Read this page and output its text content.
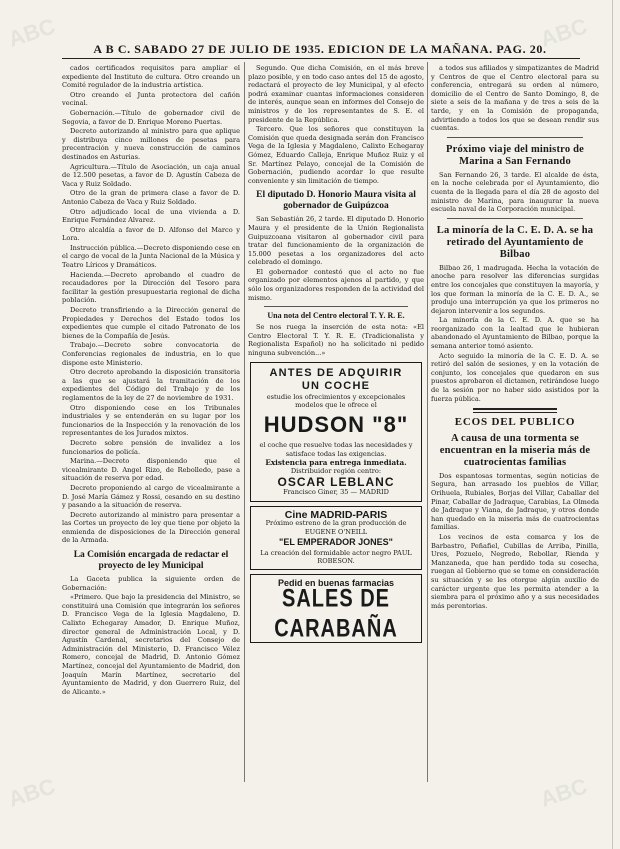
A B C. SABADO 27 DE JULIO DE 1935. EDICION DE LA MAÑANA. PAG. 20.

cados certificados requisitos para ampliar el expediente del Instituto de cultura. Otro creando un Comité regulador de la industria artística.

Otro creando el Junta protectora del cañón vecinal.

Gobernación.—Título de gobernador civil de Segovia, a favor de D. Enrique Moreno Puertas.

Decreto autorizando al ministro para que aplique y distribuya cinco millones de pesetas para precentración y nueva construcción de caminos destinados en Asturias.

Agricultura.—Título de Asociación, un caja anual de 12.500 pesetas, a favor de D. Agustín Cabeza de Vaca y Ruiz Soldado.

Otro de la gran de primera clase a favor de D. Antonio Cabeza de Vaca y Ruiz Soldado.

Otro adjudicado local de una vivienda a D. Enrique Fernández Alvarez.

Otro alcaldía a favor de D. Alfonso del Marco y Lora.

Instrucción pública.—Decreto disponiendo cese en el cargo de vocal de la Junta Nacional de la Música y Teatro Líricos y Dramáticos.

Hacienda.—Decreto aprobando el cuadro de recaudadores por la Dirección del Tesoro para facilitar la gestión presupuestaria regional de dicha población.

Decreto transfiriendo a la Dirección general de Propiedades y Derechos del Estado todos los expedientes que cumple el citado Patronato de los bienes de la Compañía de Jesús.

Trabajo.—Decreto sobre convocatoria de Conferencias regionales de industria, en lo que dispone este Ministerio.

Otro decreto aprobando la disposición transitoria a las que se ajustará la tramitación de los expedientes del Código del Trabajo y de los reglamentos de la ley de 27 de noviembre de 1931.

Otro disponiendo cese en los Tribunales industriales y se entenderán en su lugar por los funcionarios de la Inspección y la renovación de los representantes de los Jurados mixtos.

Decreto sobre pensión de invalidez a los funcionarios de policía.

Marina.—Decreto disponiendo que el vicealmirante D. Angel Rizo, de Rebolledo, pase a situación de reserva por edad.

Decreto proponiendo al cargo de vicealmirante a D. José María Gámez y Rossi, cesando en su destino y pasando a la situación de reserva.

Decreto autorizando al ministro para presentar a las Cortes un proyecto de ley que tiene por objeto la enmienda de disposiciones de la Dirección general de la Armada.

La Comisión encargada de redactar el proyecto de ley Municipal

La Gaceta publica la siguiente orden de Gobernación:

«Primero. Que bajo la presidencia del Ministro, se constituirá una Comisión que integrarán los señores D. Francisco Vega de la Iglesia Magdaleno, D. Calixto Echegaray Amador, D. Enrique Muñoz, director general de Administración Local, y D. Agustín Cardenal, secretarios del Consejo de Administración del Ministerio, D. Francisco Vélez Romero, concejal de Madrid, D. Antonio Gómez Martínez, concejal del Ayuntamiento de Madrid, don Joaquín Marín Martínez, secretario del Ayuntamiento de Madrid, y don Guerrero Ruiz, del de Alicante.»

Segundo. Que dicha Comisión, en el más breve plazo posible, y en todo caso antes del 15 de agosto, redactará el proyecto de ley Municipal, y al efecto podrá examinar cuantas informaciones consideren de interés, aunque sean en informes del Consejo de ministros y de los representantes de S. E. el presidente de la República.

Tercero. Que los señores que constituyen la Comisión que queda designada serán don Francisco Vega de la Iglesia y Magdaleno, Calixto Echegaray Gómez, Eduardo Calleja, Enrique Muñoz Ruiz y el Sr. Martínez Pelayo, concejal de la Comisión de Gobernación, pudiendo acordar lo que resulte conveniente y sin limitación de tiempo.

El diputado D. Honorio Maura visita al gobernador de Guipúzcoa

San Sebastián 26, 2 tarde. El diputado D. Honorio Maura y el presidente de la Unión Regionalista Guipuzcoana visitaron al gobernador civil para tratar del funcionamiento de la organización de 15.000 pesetas a los organizadores del acto celebrado el domingo.

El gobernador contestó que el acto no fue organizado por elementos ajenos al partido, y que sólo los organizadores responden de la actividad del mismo.

Una nota del Centro electoral T. Y. R. E.

Se nos ruega la inserción de esta nota: «El Centro Electoral T. Y. R. E. (Tradicionalista y Regionalista Español) no ha solicitado ni pedido ninguna subvención...»

ANTES DE ADQUIRIR
UN COCHE
estudie los ofrecimientos y excepcionales modelos que le ofrece el
HUDSON "8"
el coche que resuelve todas las necesidades y satisface todas las exigencias.
Existencia para entrega inmediata.
Distribuidor región centro:
OSCAR LEBLANC
Francisco Giner, 35 — MADRID
Cine MADRID-PARIS
Próximo estreno de la gran producción de EUGENE O'NEILL
"EL EMPERADOR JONES"
La creación del formidable actor negro PAUL ROBESON.
Pedid en buenas farmacias
SALES DE CARABAÑA

a todos sus afiliados y simpatizantes de Madrid y Centros de que el Centro electoral para su conferencia, entregará su orden al número, domicilio de el Centro de Santo Domingo, 8, de siete a seis de la mañana y de tres a seis de la tarde, y en la Comisión de propaganda, advirtiendo a todos los que se desean rendir sus cuentas.

Próximo viaje del ministro de Marina a San Fernando

San Fernando 26, 3 tarde. El alcalde de ésta, en la noche celebrada por el Ayuntamiento, dio cuenta de la llegada para el día 28 de agosto del ministro de Marina, para inaugurar la nueva escuela naval de la Corporación municipal.

La minoría de la C. E. D. A. se ha retirado del Ayuntamiento de Bilbao

Bilbao 26, 1 madrugada. Hecha la votación de anoche para resolver las diferencias surgidas entre los concejales que constituyen la mayoría, y los que forman la minoría de la C. E. D. A., se produjo una interrupción ya que los primeros no dejaron intervenir a los segundos.

La minoría de la C. E. D. A. que se ha reorganizado con la lealtad que le hubieran abandonado el Ayuntamiento de Bilbao, porque la semana anterior tomó asiento.

Acto seguido la minoría de la C. E. D. A. se retiró del salón de sesiones, y en la votación de conjunto, los concejales que quedaron en sus puestos aprobaron el dictamen, retirándose luego de la sesión por no haber sido asistidos por la fuerza pública.

ECOS DEL PUBLICO
A causa de una tormenta se encuentran en la miseria más de cuatrocientas familias

Dos espantosas tormentas, según noticias de Segura, han arrasado los pueblos de Villar, Orihuela, Rubiales, Borjas del Villar, Caballar del Pinar, Caballar de Jadraque, Carabias, La Olmeda de Jadraque y Viana, de Jadraque, y otros donde han quedado en la miseria más de cuatrocientas familias.

Los vecinos de esta comarca y los de Barbastro, Peñafiel, Cubillas de Arriba, Pinilla, Ures, Pozuelo, Negredo, Rebollar, Rienda y Manzaneda, que han perdido toda su cosecha, ruegan al Gobierno que se tome en consideración su situación y se les otorgue algún auxilio de carácter urgente que les permita atender a la siembra para el próximo año y a sus necesidades más perentorias.

ABC	ABC
ABC	ABC
